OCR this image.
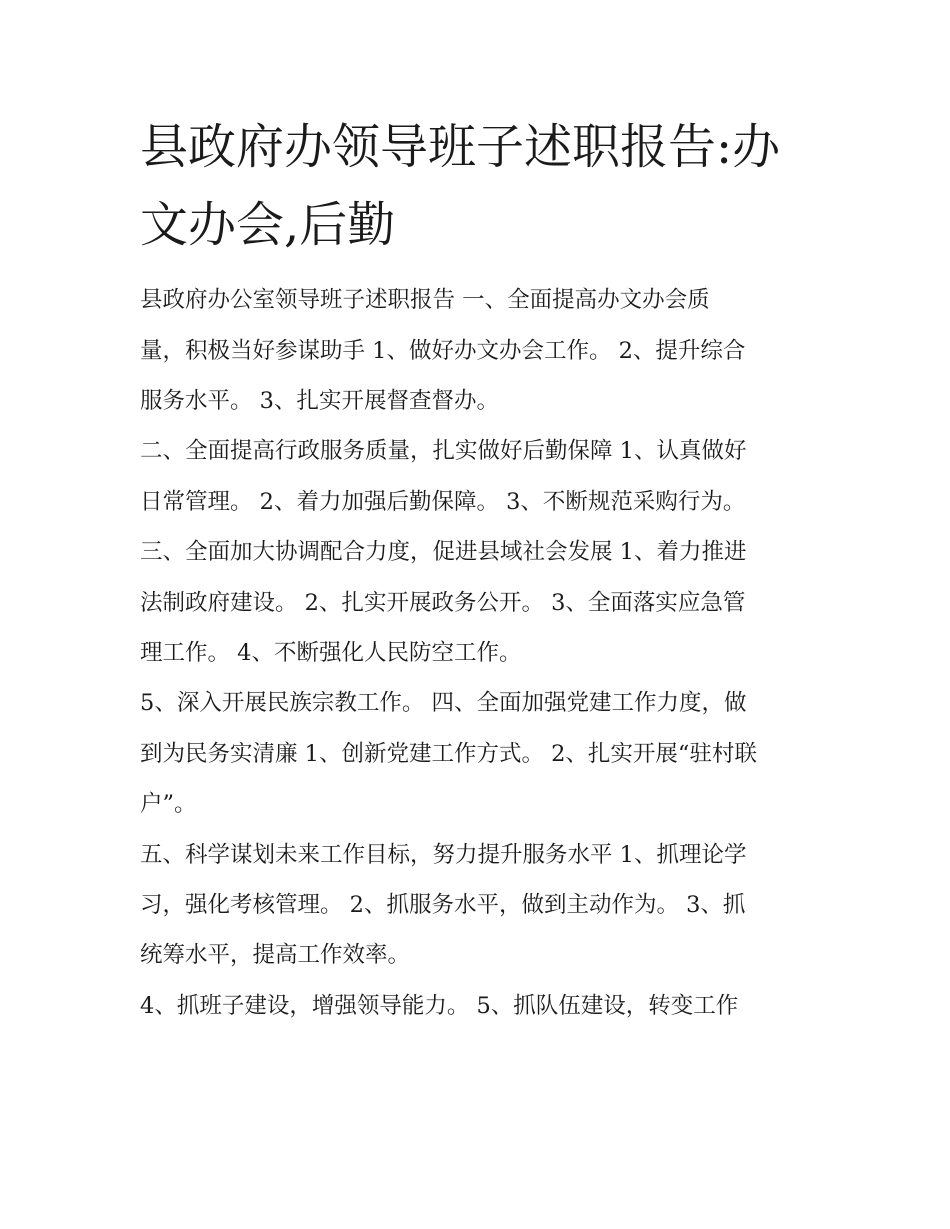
县政府办领导班子述职报告:办文办会,后勤

县政府办公室领导班子述职报告 一、全面提高办文办会质

量，积极当好参谋助手 1、做好办文办会工作。 2、提升综合

服务水平。 3、扎实开展督查督办。

二、全面提高行政服务质量，扎实做好后勤保障 1、认真做好

日常管理。 2、着力加强后勤保障。 3、不断规范采购行为。

三、全面加大协调配合力度，促进县域社会发展 1、着力推进

法制政府建设。 2、扎实开展政务公开。 3、全面落实应急管

理工作。 4、不断强化人民防空工作。

5、深入开展民族宗教工作。 四、全面加强党建工作力度，做

到为民务实清廉 1、创新党建工作方式。 2、扎实开展“驻村联

户”。

五、科学谋划未来工作目标，努力提升服务水平 1、抓理论学

习，强化考核管理。 2、抓服务水平，做到主动作为。 3、抓

统筹水平，提高工作效率。

4、抓班子建设，增强领导能力。 5、抓队伍建设，转变工作
